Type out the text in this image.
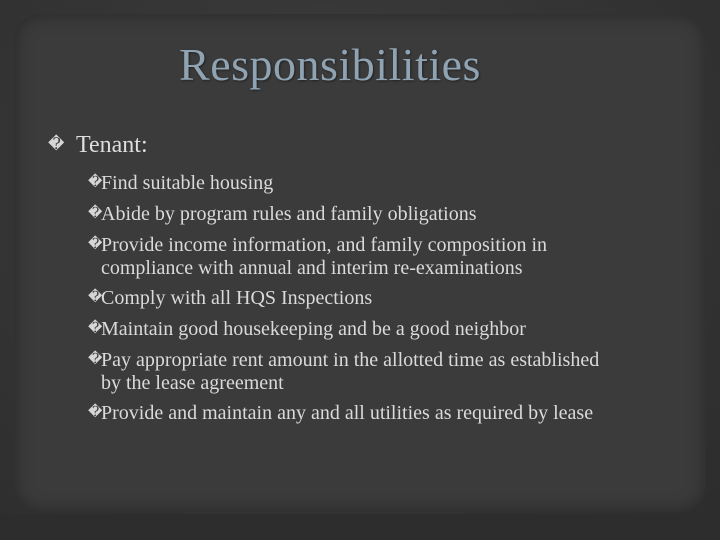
Responsibilities
� Tenant:
�
Find suitable housing
�
Abide by program rules and family obligations
�
Provide income information, and family composition in compliance with annual and interim re-examinations
�
Comply with all HQS Inspections
�
Maintain good housekeeping and be a good neighbor
�
Pay appropriate rent amount in the allotted time as established by the lease agreement
�
Provide and maintain any and all utilities as required by lease
